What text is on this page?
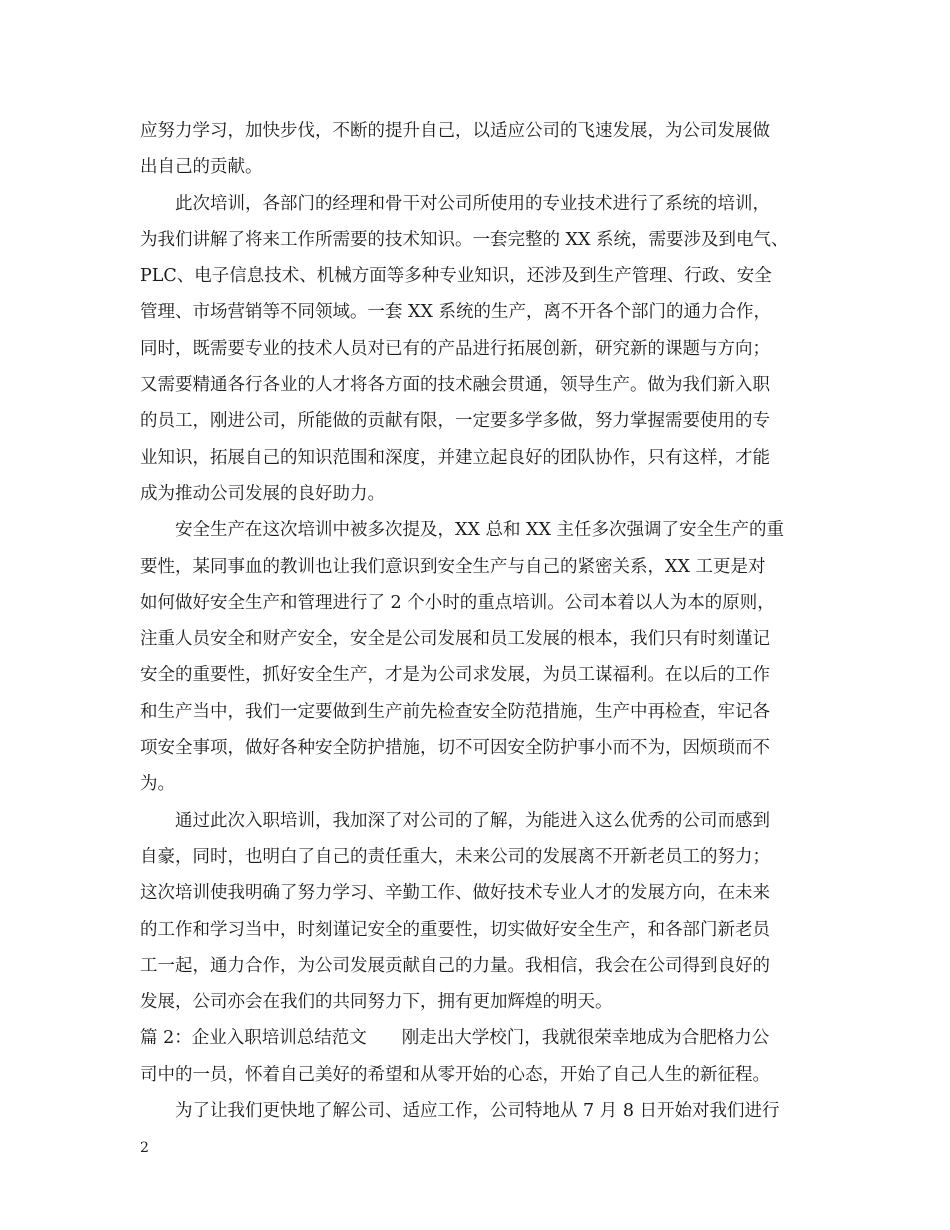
应努力学习，加快步伐，不断的提升自己，以适应公司的飞速发展，为公司发展做
出自己的贡献。
此次培训，各部门的经理和骨干对公司所使用的专业技术进行了系统的培训，
为我们讲解了将来工作所需要的技术知识。一套完整的 XX 系统，需要涉及到电气、
PLC、电子信息技术、机械方面等多种专业知识，还涉及到生产管理、行政、安全
管理、市场营销等不同领域。一套 XX 系统的生产，离不开各个部门的通力合作，
同时，既需要专业的技术人员对已有的产品进行拓展创新，研究新的课题与方向；
又需要精通各行各业的人才将各方面的技术融会贯通，领导生产。做为我们新入职
的员工，刚进公司，所能做的贡献有限，一定要多学多做，努力掌握需要使用的专
业知识，拓展自己的知识范围和深度，并建立起良好的团队协作，只有这样，才能
成为推动公司发展的良好助力。
安全生产在这次培训中被多次提及，XX 总和 XX 主任多次强调了安全生产的重
要性，某同事血的教训也让我们意识到安全生产与自己的紧密关系，XX 工更是对
如何做好安全生产和管理进行了 2 个小时的重点培训。公司本着以人为本的原则，
注重人员安全和财产安全，安全是公司发展和员工发展的根本，我们只有时刻谨记
安全的重要性，抓好安全生产，才是为公司求发展，为员工谋福利。在以后的工作
和生产当中，我们一定要做到生产前先检查安全防范措施，生产中再检查，牢记各
项安全事项，做好各种安全防护措施，切不可因安全防护事小而不为，因烦琐而不
为。
通过此次入职培训，我加深了对公司的了解，为能进入这么优秀的公司而感到
自豪，同时，也明白了自己的责任重大，未来公司的发展离不开新老员工的努力；
这次培训使我明确了努力学习、辛勤工作、做好技术专业人才的发展方向，在未来
的工作和学习当中，时刻谨记安全的重要性，切实做好安全生产，和各部门新老员
工一起，通力合作，为公司发展贡献自己的力量。我相信，我会在公司得到良好的
发展，公司亦会在我们的共同努力下，拥有更加辉煌的明天。
篇 2：企业入职培训总结范文　　刚走出大学校门，我就很荣幸地成为合肥格力公
司中的一员，怀着自己美好的希望和从零开始的心态，开始了自己人生的新征程。
为了让我们更快地了解公司、适应工作，公司特地从 7 月 8 日开始对我们进行
2
